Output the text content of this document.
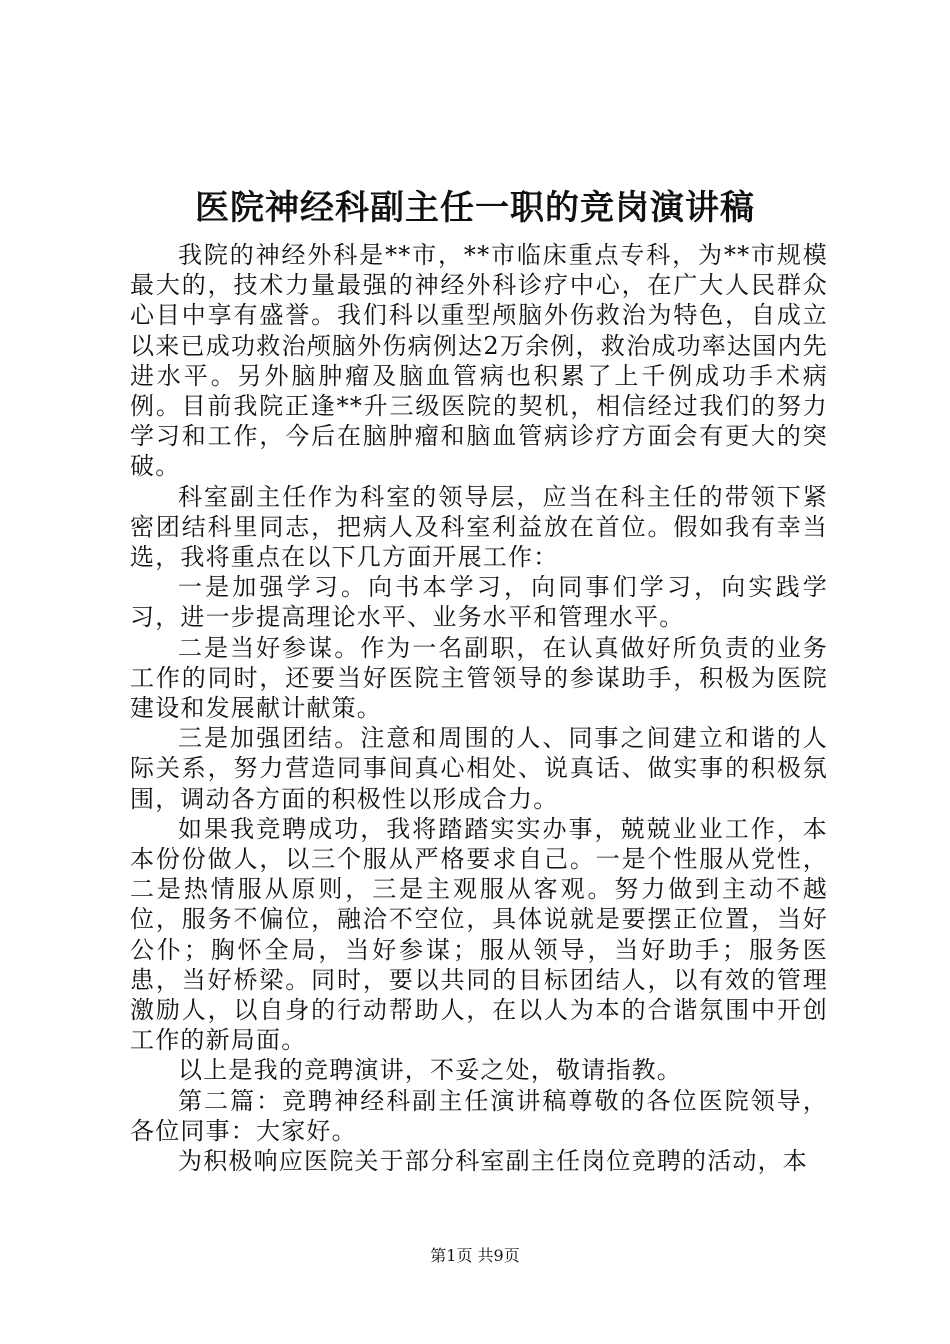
医院神经科副主任一职的竞岗演讲稿

我院的神经外科是**市，**市临床重点专科，为**市规模最大的，技术力量最强的神经外科诊疗中心，在广大人民群众心目中享有盛誉。我们科以重型颅脑外伤救治为特色，自成立以来已成功救治颅脑外伤病例达2万余例，救治成功率达国内先进水平。另外脑肿瘤及脑血管病也积累了上千例成功手术病例。目前我院正逢**升三级医院的契机，相信经过我们的努力学习和工作，今后在脑肿瘤和脑血管病诊疗方面会有更大的突破。

科室副主任作为科室的领导层，应当在科主任的带领下紧密团结科里同志，把病人及科室利益放在首位。假如我有幸当选，我将重点在以下几方面开展工作：

一是加强学习。向书本学习，向同事们学习，向实践学习，进一步提高理论水平、业务水平和管理水平。

二是当好参谋。作为一名副职，在认真做好所负责的业务工作的同时，还要当好医院主管领导的参谋助手，积极为医院建设和发展献计献策。

三是加强团结。注意和周围的人、同事之间建立和谐的人际关系，努力营造同事间真心相处、说真话、做实事的积极氛围，调动各方面的积极性以形成合力。

如果我竞聘成功，我将踏踏实实办事，兢兢业业工作，本本份份做人，以三个服从严格要求自己。一是个性服从党性，二是热情服从原则，三是主观服从客观。努力做到主动不越位，服务不偏位，融洽不空位，具体说就是要摆正位置，当好公仆；胸怀全局，当好参谋；服从领导，当好助手；服务医患，当好桥梁。同时，要以共同的目标团结人，以有效的管理激励人，以自身的行动帮助人，在以人为本的合谐氛围中开创工作的新局面。

以上是我的竞聘演讲，不妥之处，敬请指教。

第二篇：竞聘神经科副主任演讲稿尊敬的各位医院领导，各位同事：大家好。

为积极响应医院关于部分科室副主任岗位竞聘的活动，本

第1页 共9页
